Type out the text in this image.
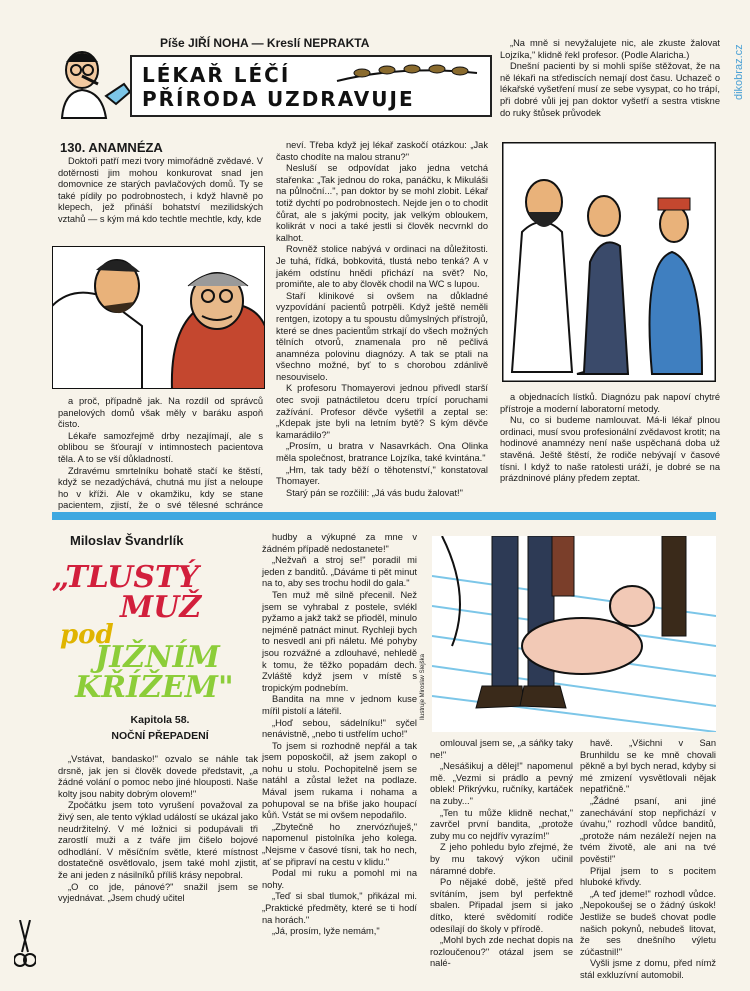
dikobraz.cz
Píše JIŘÍ NOHA — Kreslí NEPRAKTA
LÉKAŘ LÉČÍ
PŘÍRODA UZDRAVUJE
130. ANAMNÉZA

Doktoři patří mezi tvory mimořádně zvědavé. V dotěrnosti jim mohou konkurovat snad jen domovnice ze starých pavlačových domů. Ty se také pídily po podrobnostech, i když hlavně po klepech, jež přináší bohatství mezilidských vztahů — s kým má kdo techtle mechtle, kdy, kde

a proč, případně jak. Na rozdíl od správců panelových domů však měly v baráku aspoň čisto.

Lékaře samozřejmě drby nezajímají, ale s oblibou se šťourají v intimnostech pacientova těla. A to se vší důkladností.

Zdravému smrtelníku bohatě stačí ke štěstí, když se nezadýchává, chutná mu jíst a neloupe ho v kříži. Ale v okamžiku, kdy se stane pacientem, zjistí, že o své tělesné schránce

neví. Třeba když jej lékař zaskočí otázkou: „Jak často chodíte na malou stranu?"

Nesluší se odpovídat jako jedna vetchá stařenka: „Tak jednou do roka, panáčku, k Mikuláši na půlnoční...", pan doktor by se mohl zlobit. Lékař totiž dychtí po podrobnostech. Nejde jen o to chodit čůrat, ale s jakými pocity, jak velkým obloukem, kolikrát v noci a také jestli si člověk necvrnkl do kalhot.

Rovněž stolice nabývá v ordinaci na důležitosti. Je tuhá, řídká, bobkovitá, tlustá nebo tenká? A v jakém odstínu hnědi přichází na svět? No, promiňte, ale to aby člověk chodil na WC s lupou.

Staří klinikové si ovšem na důkladné vyzpovídání pacientů potrpěli. Když ještě neměli rentgen, izotopy a tu spoustu důmyslných přístrojů, které se dnes pacientům strkají do všech možných tělních otvorů, znamenala pro ně pečlivá anamnéza polovinu diagnózy. A tak se ptali na všechno možné, byť to s chorobou zdánlivě nesouviselo.

K profesoru Thomayerovi jednou přivedl starší otec svoji patnáctiletou dceru trpící poruchami zažívání. Profesor děvče vyšetřil a zeptal se: „Kdepak jste byli na letním bytě? S kým děvče kamarádilo?"

„Prosím, u bratra v Nasavrkách. Ona Olinka měla společnost, bratrance Lojzíka, také kvintána."

„Hm, tak tady běží o těhotenství," konstatoval Thomayer.

Starý pán se rozčilil: „Já vás budu žalovat!"

„Na mně si nevyžalujete nic, ale zkuste žalovat Lojzíka," klidně řekl profesor. (Podle Alaricha.)

Dnešní pacienti by si mohli spíše stěžovat, že na ně lékaři na střediscích nemají dost času. Uchazeč o lékařské vyšetření musí ze sebe vysypat, co ho trápí, při dobré vůli jej pan doktor vyšetří a sestra vtiskne do ruky štůsek průvodek

a objednacích lístků. Diagnózu pak napoví chytré přístroje a moderní laboratorní metody.

Nu, co si budeme namlouvat. Má-li lékař plnou ordinaci, musí svou profesionální zvědavost krotit; na hodinové anamnézy není naše uspěchaná doba už stavěná. Ještě štěstí, že rodiče nebývají v časové tísni. I když to naše ratolesti uráží, je dobré se na prázdninové plány předem zeptat.

Miloslav Švandrlík
„TLUSTÝ
MUŽ
pod
JIŽNÍM
KŘÍŽEM"
Kapitola 58.
NOČNÍ PŘEPADENÍ

„Vstávat, bandasko!" ozvalo se náhle tak drsně, jak jen si člověk dovede představit, „a žádné volání o pomoc nebo jiné hlouposti. Naše kolty jsou nabity dobrým olovem!"

Zpočátku jsem toto vyrušení považoval za živý sen, ale tento výklad událostí se ukázal jako neudržitelný. V mé ložnici si podupávali tři zarostlí muži a z tváře jim čišelo bojové odhodlání. V měsíčním světle, které místnost dostatečně osvětlovalo, jsem také mohl zjistit, že ani jeden z násilníků příliš krásy nepobral.

„O co jde, pánové?" snažil jsem se vyjednávat. „Jsem chudý učitel

hudby a výkupné za mne v žádném případě nedostanete!"

„Nežvaň a stroj se!" poradil mi jeden z banditů. „Dáváme ti pět minut na to, aby ses trochu hodil do gala."

Ten muž mě silně přecenil. Než jsem se vyhrabal z postele, svlékl pyžamo a jakž takž se přioděl, minulo nejméně patnáct minut. Rychleji bych to nesvedl ani při náletu. Mé pohyby jsou rozvážné a zdlouhavé, nehledě k tomu, že těžko popadám dech. Zvláště když jsem v místě s tropickým podnebím.

Bandita na mne v jednom kuse mířil pistolí a láteřil.

„Hoď sebou, sádelníku!" syčel nenávistně, „nebo ti ustřelím ucho!"

To jsem si rozhodně nepřál a tak jsem poposkočil, až jsem zakopl o nohu u stolu. Pochopitelně jsem se natáhl a zůstal ležet na podlaze. Mával jsem rukama i nohama a pohupoval se na břiše jako houpací kůň. Vstát se mi ovšem nepodařilo.

„Zbytečně ho znervózňuješ," napomenul pistolníka jeho kolega. „Nejsme v časové tísni, tak ho nech, ať se připraví na cestu v klidu."

Podal mi ruku a pomohl mi na nohy.

„Teď si sbal tlumok," přikázal mi. „Praktické předměty, které se ti hodí na horách."

„Já, prosím, lyže nemám,"

Ilustruje Miroslav Slejška

omlouval jsem se, „a sáňky taky ne!"

„Nesášikuj a dělej!" napomenul mě. „Vezmi si prádlo a pevný oblek! Přikrývku, ručníky, kartáček na zuby..."

„Ten tu může klidně nechat," zavrčel první bandita, „protože zuby mu co nejdřív vyrazím!"

Z jeho pohledu bylo zřejmé, že by mu takový výkon učinil náramné dobře.

Po nějaké době, ještě před svítáním, jsem byl perfektně sbalen. Připadal jsem si jako dítko, které svědomití rodiče odesílají do školy v přírodě.

„Mohl bych zde nechat dopis na rozloučenou?" otázal jsem se nalé-

havě. „Všichni v San Brunhildu se ke mně chovali pěkně a byl bych nerad, kdyby si mé zmizení vysvětlovali nějak nepatřičně."

„Žádné psaní, ani jiné zanechávání stop nepřichází v úvahu," rozhodl vůdce banditů, „protože nám nezáleží nejen na tvém životě, ale ani na tvé pověsti!"

Přijal jsem to s pocitem hluboké křivdy.

„A teď jdeme!" rozhodl vůdce. „Nepokoušej se o žádný úskok! Jestliže se budeš chovat podle našich pokynů, nebudeš litovat, že ses dnešního výletu zúčastnil!"

Vyšli jsme z domu, před nímž stál exkluzívní automobil.
